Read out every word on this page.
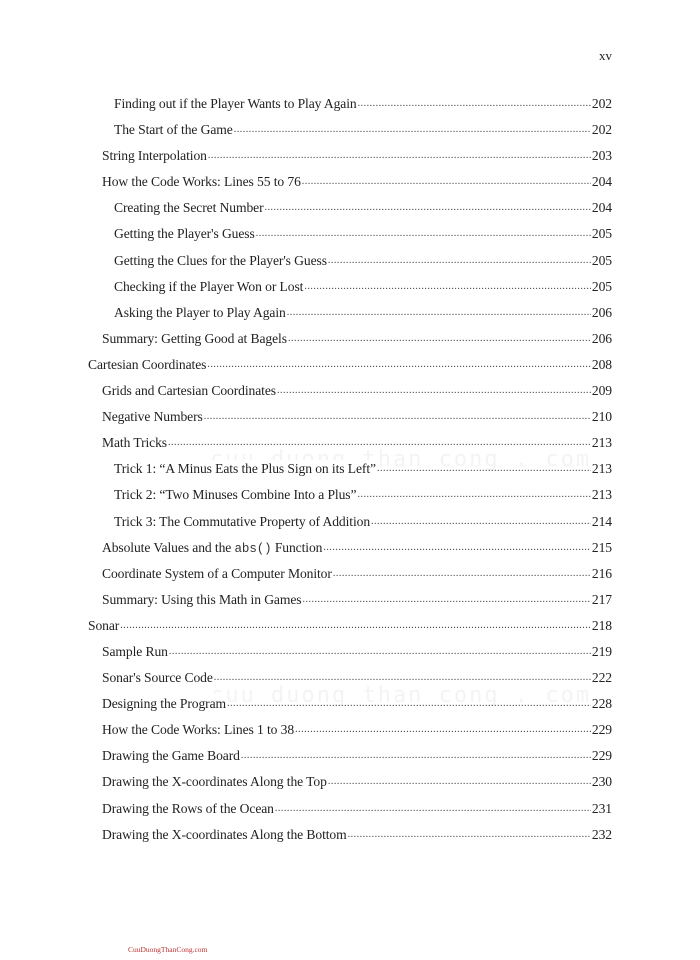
xv
Finding out if the Player Wants to Play Again .....	202
The Start of the Game .....	202
String Interpolation .....	203
How the Code Works: Lines 55 to 76 .....	204
Creating the Secret Number .....	204
Getting the Player's Guess .....	205
Getting the Clues for the Player's Guess .....	205
Checking if the Player Won or Lost .....	205
Asking the Player to Play Again .....	206
Summary: Getting Good at Bagels .....	206
Cartesian Coordinates .....	208
Grids and Cartesian Coordinates .....	209
Negative Numbers .....	210
Math Tricks .....	213
Trick 1: “A Minus Eats the Plus Sign on its Left” .....	213
Trick 2: “Two Minuses Combine Into a Plus” .....	213
Trick 3: The Commutative Property of Addition .....	214
Absolute Values and the abs() Function .....	215
Coordinate System of a Computer Monitor .....	216
Summary: Using this Math in Games .....	217
Sonar .....	218
Sample Run .....	219
Sonar's Source Code .....	222
Designing the Program .....	228
How the Code Works: Lines 1 to 38 .....	229
Drawing the Game Board .....	229
Drawing the X-coordinates Along the Top .....	230
Drawing the Rows of the Ocean .....	231
Drawing the X-coordinates Along the Bottom .....	232
CuuDuongThanCong.com
